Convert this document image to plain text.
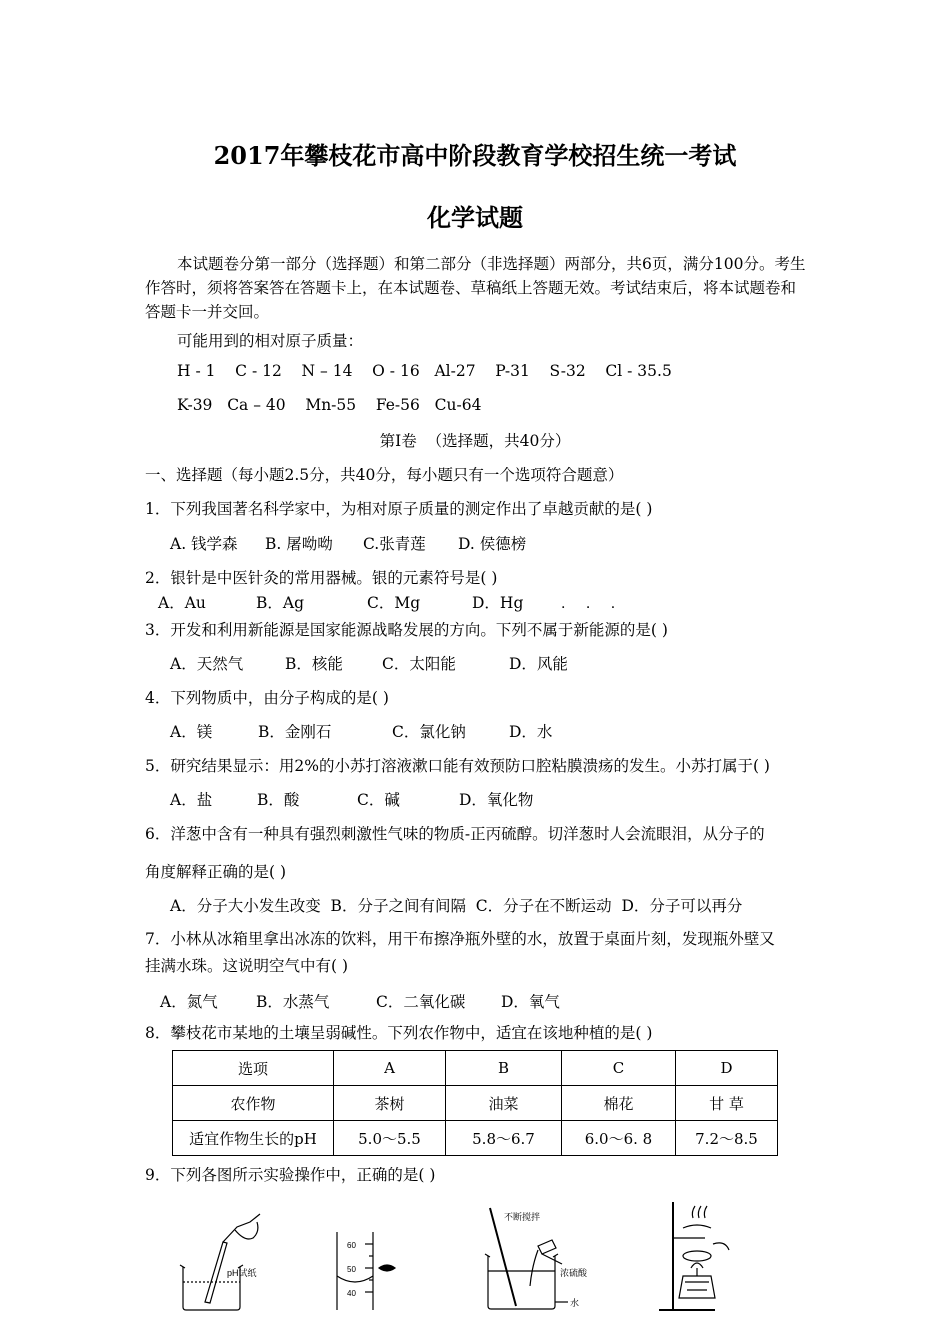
2017年攀枝花市高中阶段教育学校招生统一考试
化学试题
本试题卷分第一部分（选择题）和第二部分（非选择题）两部分，共6页，满分100分。考生作答时，须将答案答在答题卡上，在本试题卷、草稿纸上答题无效。考试结束后，将本试题卷和答题卡一并交回。
可能用到的相对原子质量：
H - 1    C - 12    N – 14    O - 16   Al-27    P-31    S-32    Cl - 35.5
K-39   Ca – 40    Mn-55    Fe-56   Cu-64
第Ⅰ卷  （选择题，共40分）
一、选择题（每小题2.5分，共40分，每小题只有一个选项符合题意）
1．下列我国著名科学家中，为相对原子质量的测定作出了卓越贡献的是( )
A. 钱学森 B. 屠呦呦 C.张青莲 D. 侯德榜
2．银针是中医针灸的常用器械。银的元素符号是( )
A．Au	B．Ag	C．Mg	D．Hg	· · ·
3．开发和利用新能源是国家能源战略发展的方向。下列不属于新能源的是( )
A．天然气	B．核能	C．太阳能	D．风能
4．下列物质中，由分子构成的是( )
A．镁	B．金刚石	C．氯化钠	D．水
5．研究结果显示：用2%的小苏打溶液漱口能有效预防口腔粘膜溃疡的发生。小苏打属于( )
A．盐	B．酸	C．碱	D．氧化物
6．洋葱中含有一种具有强烈刺激性气味的物质-正丙硫醇。切洋葱时人会流眼泪，从分子的
角度解释正确的是( )
A．分子大小发生改变  B．分子之间有间隔  C．分子在不断运动  D．分子可以再分
7．小林从冰箱里拿出冰冻的饮料，用干布擦净瓶外壁的水，放置于桌面片刻，发现瓶外壁又
挂满水珠。这说明空气中有( )
A．氮气 B．水蒸气	C．二氧化碳 D．氧气
8．攀枝花市某地的土壤呈弱碱性。下列农作物中，适宜在该地种植的是( )
选项	A	B	C	D
农作物	茶树	油菜	棉花	甘 草
适宜作物生长的pH	5.0～5.5	5.8～6.7	6.0～6. 8	7.2～8.5
9．下列各图所示实验操作中，正确的是( )
pH试纸
60
50
40
不断搅拌
浓硫酸
水
